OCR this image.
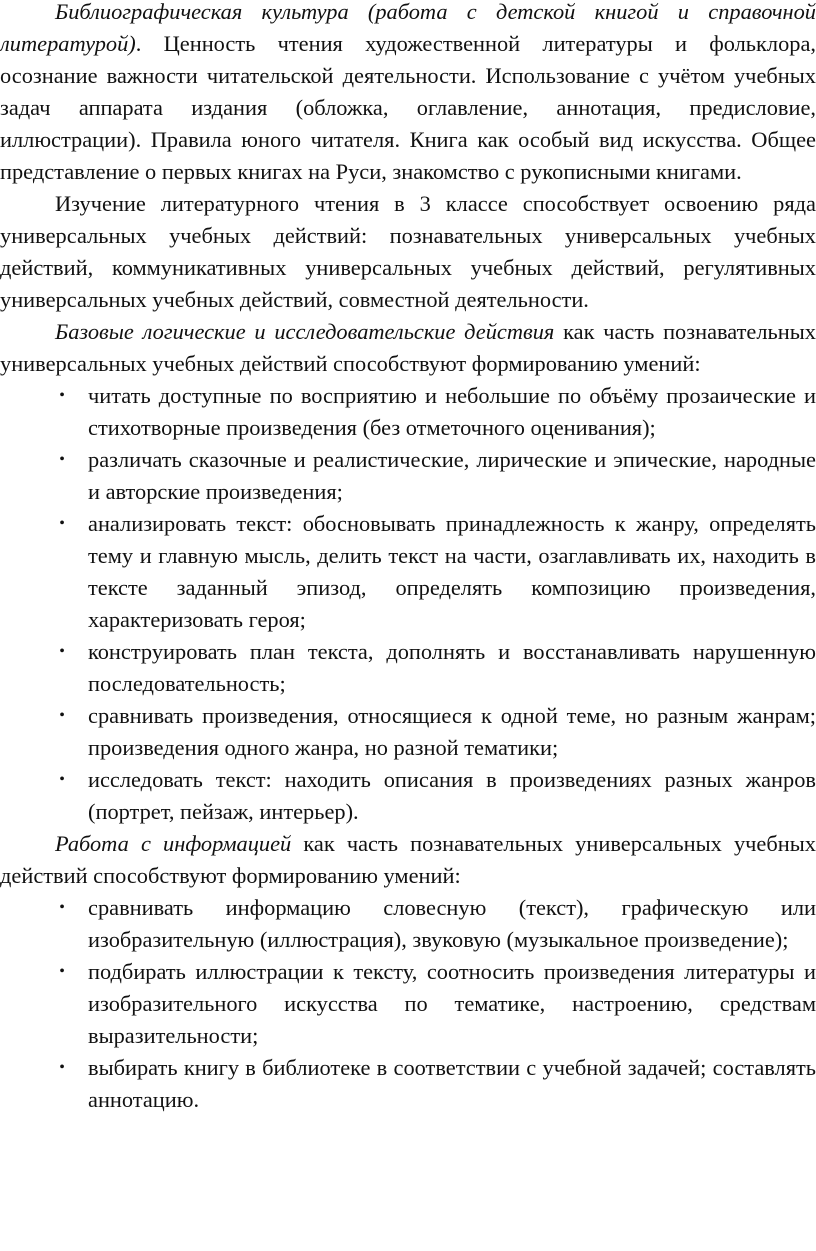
Библиографическая культура (работа с детской книгой и справочной литературой). Ценность чтения художественной литературы и фольклора, осознание важности читательской деятельности. Использование с учётом учебных задач аппарата издания (обложка, оглавление, аннотация, предисловие, иллюстрации). Правила юного читателя. Книга как особый вид искусства. Общее представление о первых книгах на Руси, знакомство с рукописными книгами.

Изучение литературного чтения в 3 классе способствует освоению ряда универсальных учебных действий: познавательных универсальных учебных действий, коммуникативных универсальных учебных действий, регулятивных универсальных учебных действий, совместной деятельности.

Базовые логические и исследовательские действия как часть познавательных универсальных учебных действий способствуют формированию умений:

• читать доступные по восприятию и небольшие по объёму прозаические и стихотворные произведения (без отметочного оценивания);
• различать сказочные и реалистические, лирические и эпические, народные и авторские произведения;
• анализировать текст: обосновывать принадлежность к жанру, определять тему и главную мысль, делить текст на части, озаглавливать их, находить в тексте заданный эпизод, определять композицию произведения, характеризовать героя;
• конструировать план текста, дополнять и восстанавливать нарушенную последовательность;
• сравнивать произведения, относящиеся к одной теме, но разным жанрам; произведения одного жанра, но разной тематики;
• исследовать текст: находить описания в произведениях разных жанров (портрет, пейзаж, интерьер).

Работа с информацией как часть познавательных универсальных учебных действий способствуют формированию умений:

• сравнивать информацию словесную (текст), графическую или изобразительную (иллюстрация), звуковую (музыкальное произведение);
• подбирать иллюстрации к тексту, соотносить произведения литературы и изобразительного искусства по тематике, настроению, средствам выразительности;
• выбирать книгу в библиотеке в соответствии с учебной задачей; составлять аннотацию.
